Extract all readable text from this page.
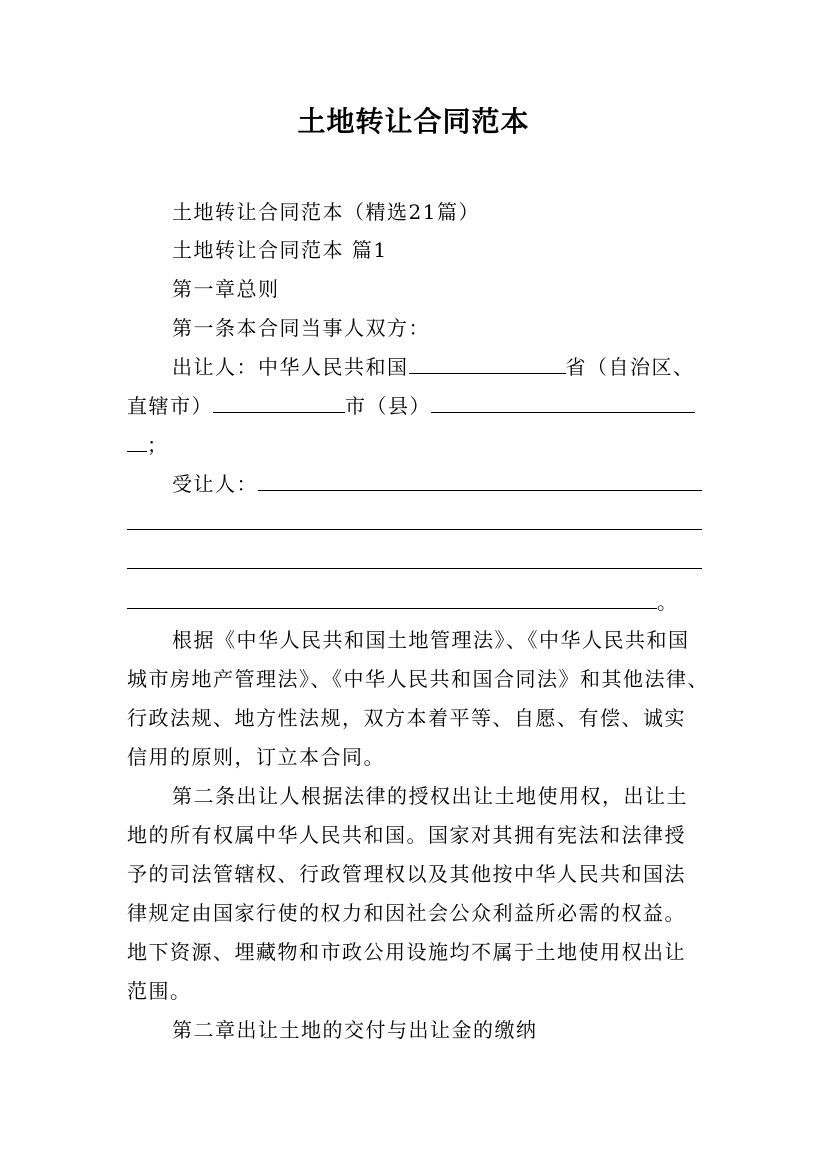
土地转让合同范本
土地转让合同范本（精选21篇）
土地转让合同范本 篇1
第一章总则
第一条本合同当事人双方：
出让人：中华人民共和国	省（自治区、
直辖市）	市（县）
；
受让人：
。
根据《中华人民共和国土地管理法》、《中华人民共和国
城市房地产管理法》、《中华人民共和国合同法》和其他法律、
行政法规、地方性法规，双方本着平等、自愿、有偿、诚实
信用的原则，订立本合同。
第二条出让人根据法律的授权出让土地使用权，出让土
地的所有权属中华人民共和国。国家对其拥有宪法和法律授
予的司法管辖权、行政管理权以及其他按中华人民共和国法
律规定由国家行使的权力和因社会公众利益所必需的权益。
地下资源、埋藏物和市政公用设施均不属于土地使用权出让
范围。
第二章出让土地的交付与出让金的缴纳
